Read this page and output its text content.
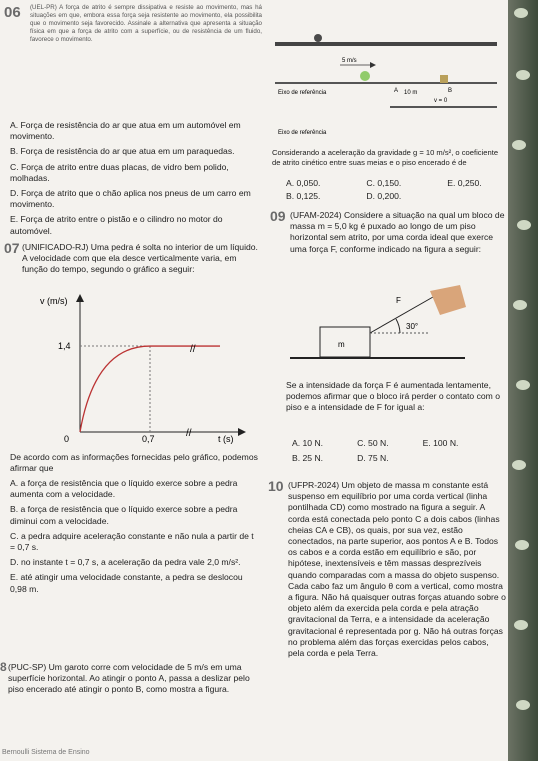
06 (UEL-PR) A força de atrito é sempre dissipativa e resiste ao movimento, mas há situações em que, embora essa força seja resistente ao movimento, ela possibilita que o movimento seja favorecido. Assinale a alternativa que apresenta a situação física em que a força de atrito com a superfície, ou de resistência de um fluido, favorece o movimento.
A. Força de resistência do ar que atua em um automóvel em movimento.
B. Força de resistência do ar que atua em um paraquedas.
C. Força de atrito entre duas placas, de vidro bem polido, molhadas.
D. Força de atrito que o chão aplica nos pneus de um carro em movimento.
E. Força de atrito entre o pistão e o cilindro no motor do automóvel.
07 (UNIFICADO-RJ) Uma pedra é solta no interior de um líquido. A velocidade com que ela desce verticalmente varia, em função do tempo, segundo o gráfico a seguir:
v (m/s)
t (s)
1,4
0	0,7
//
//
De acordo com as informações fornecidas pelo gráfico, podemos afirmar que
A. a força de resistência que o líquido exerce sobre a pedra aumenta com a velocidade.
B. a força de resistência que o líquido exerce sobre a pedra diminui com a velocidade.
C. a pedra adquire aceleração constante e não nula a partir de t = 0,7 s.
D. no instante t = 0,7 s, a aceleração da pedra vale 2,0 m/s².
E. até atingir uma velocidade constante, a pedra se deslocou 0,98 m.
8 (PUC-SP) Um garoto corre com velocidade de 5 m/s em uma superfície horizontal. Ao atingir o ponto A, passa a deslizar pelo piso encerado até atingir o ponto B, como mostra a figura.
Bernoulli Sistema de Ensino
5 m/s
Eixo de referência	A 10 m	B
v = 0
Eixo de referência
Considerando a aceleração da gravidade g = 10 m/s², o coeficiente de atrito cinético entre suas meias e o piso encerado é de
A. 0,050.	C. 0,150.	E. 0,250.
B. 0,125.	D. 0,200.
09 (UFAM-2024) Considere a situação na qual um bloco de massa m = 5,0 kg é puxado ao longo de um piso horizontal sem atrito, por uma corda ideal que exerce uma força F, conforme indicado na figura a seguir:
m
30°
F
Se a intensidade da força F é aumentada lentamente, podemos afirmar que o bloco irá perder o contato com o piso e a intensidade de F for igual a:
A. 10 N.	C. 50 N.	E. 100 N.
B. 25 N.	D. 75 N.
10 (UFPR-2024) Um objeto de massa m constante está suspenso em equilíbrio por uma corda vertical (linha pontilhada CD) como mostrado na figura a seguir. A corda está conectada pelo ponto C a dois cabos (linhas cheias CA e CB), os quais, por sua vez, estão conectados, na parte superior, aos pontos A e B. Todos os cabos e a corda estão em equilíbrio e são, por hipótese, inextensíveis e têm massas desprezíveis quando comparadas com a massa do objeto suspenso. Cada cabo faz um ângulo θ com a vertical, como mostra a figura. Não há quaisquer outras forças atuando sobre o objeto além da exercida pela corda e pela atração gravitacional da Terra, e a intensidade da aceleração gravitacional é representada por g. Não há outras forças no problema além das forças exercidas pelos cabos, pela corda e pela Terra.
